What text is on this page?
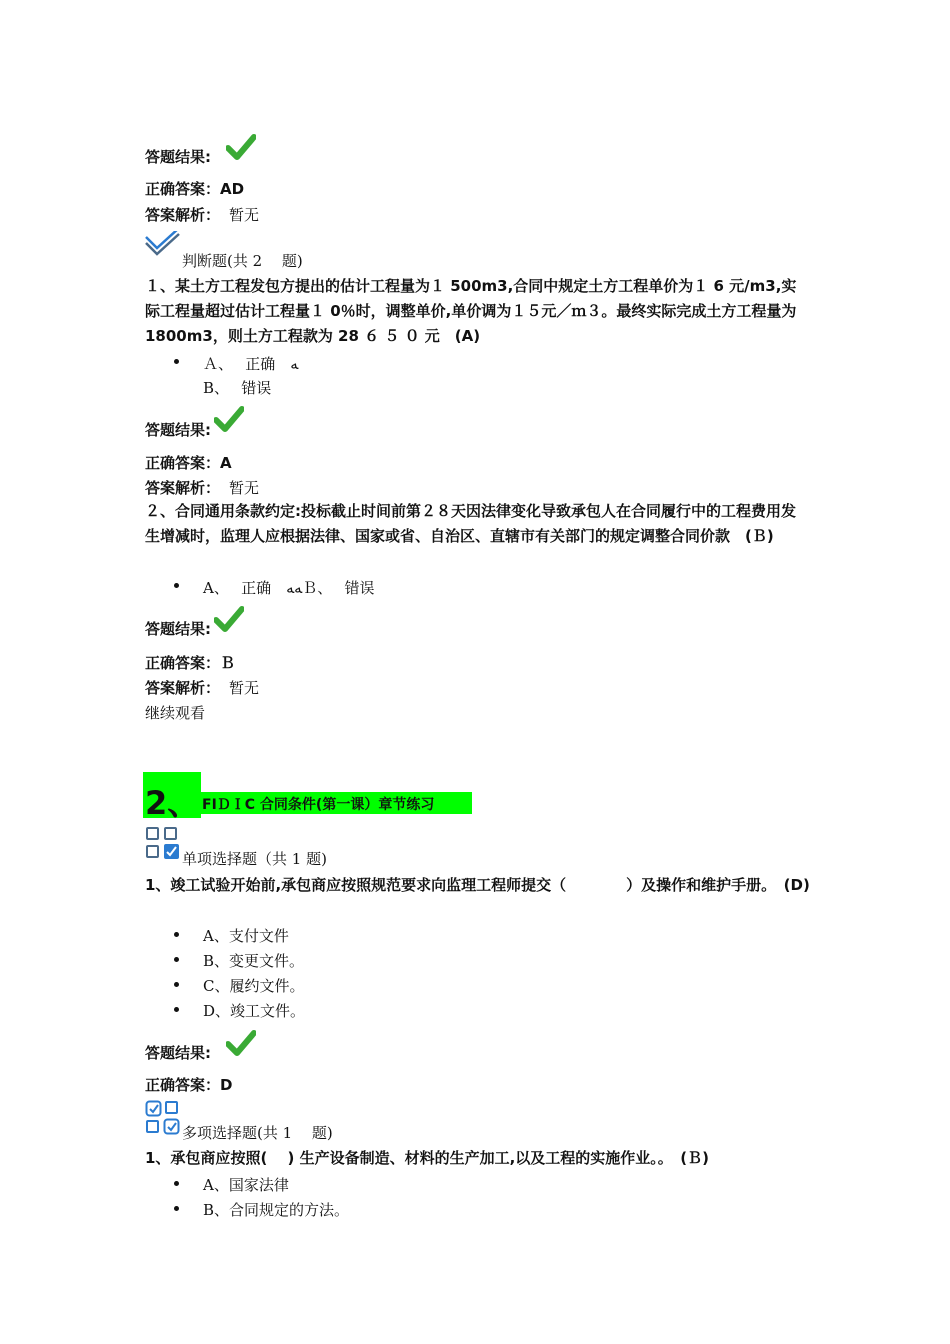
答题结果:
正确答案：AD
答案解析： 暂无
判断题(共 2　 题)
１、某土方工程发包方提出的估计工程量为１ 500m3,合同中规定土方工程单价为１ 6 元/m3,实际工程量超过估计工程量１ 0％时，调整单价,单价调为１５元／ｍ３。最终实际完成土方工程量为 1800m3，则土方工程款为 28 ６ ５ ０ 元　(A)
Ａ、　 正确　ﻪ
B、　 错误
答题结果:
正确答案：A
答案解析： 暂无
２、合同通用条款约定:投标截止时间前第２８天因法律变化导致承包人在合同履行中的工程费用发生增减时，监理人应根据法律、国家或省、自治区、直辖市有关部门的规定调整合同价款　(Ｂ)
A、　 正确　ﻪﻪＢ、　 错误
答题结果:
正确答案：Ｂ
答案解析： 暂无
继续观看
2、 FIＤＩC 合同条件(第一课）章节练习
单项选择题（共 1 题)
1、竣工试验开始前,承包商应按照规范要求向监理工程师提交（　　　　）及操作和维护手册。　(D)
A、支付文件
B、变更文件。
C、履约文件。
D、竣工文件。
答题结果:
正确答案：D
多项选择题(共 1　 题)
1、承包商应按照(　 ) 生产设备制造、材料的生产加工,以及工程的实施作业。。　(Ｂ)
A、国家法律
B、合同规定的方法。
